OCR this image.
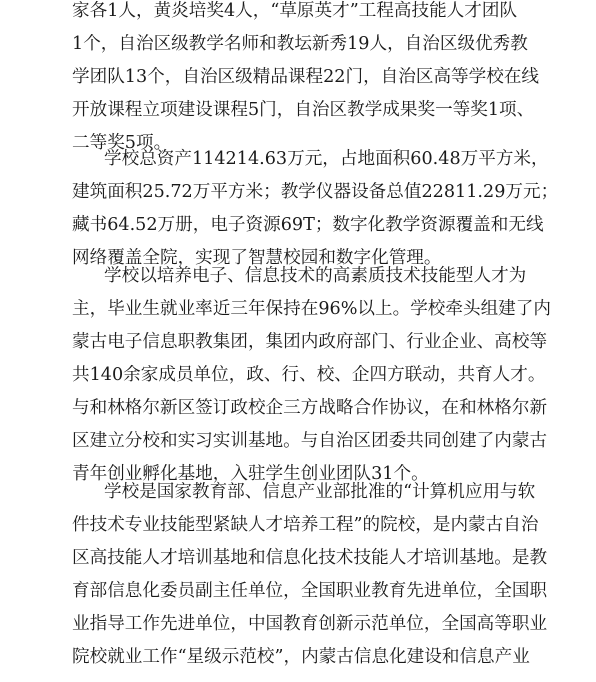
家各1人，黄炎培奖4人，“草原英才”工程高技能人才团队
1个，自治区级教学名师和教坛新秀19人，自治区级优秀教
学团队13个，自治区级精品课程22门，自治区高等学校在线
开放课程立项建设课程5门，自治区教学成果奖一等奖1项、
二等奖5项。
学校总资产114214.63万元，占地面积60.48万平方米，
建筑面积25.72万平方米；教学仪器设备总值22811.29万元；
藏书64.52万册，电子资源69T；数字化教学资源覆盖和无线
网络覆盖全院，实现了智慧校园和数字化管理。
学校以培养电子、信息技术的高素质技术技能型人才为
主，毕业生就业率近三年保持在96%以上。学校牵头组建了内
蒙古电子信息职教集团，集团内政府部门、行业企业、高校等
共140余家成员单位，政、行、校、企四方联动，共育人才。
与和林格尔新区签订政校企三方战略合作协议，在和林格尔新
区建立分校和实习实训基地。与自治区团委共同创建了内蒙古
青年创业孵化基地，入驻学生创业团队31个。
学校是国家教育部、信息产业部批准的“计算机应用与软
件技术专业技能型紧缺人才培养工程”的院校，是内蒙古自治
区高技能人才培训基地和信息化技术技能人才培训基地。是教
育部信息化委员副主任单位，全国职业教育先进单位，全国职
业指导工作先进单位，中国教育创新示范单位，全国高等职业
院校就业工作“星级示范校”，内蒙古信息化建设和信息产业
